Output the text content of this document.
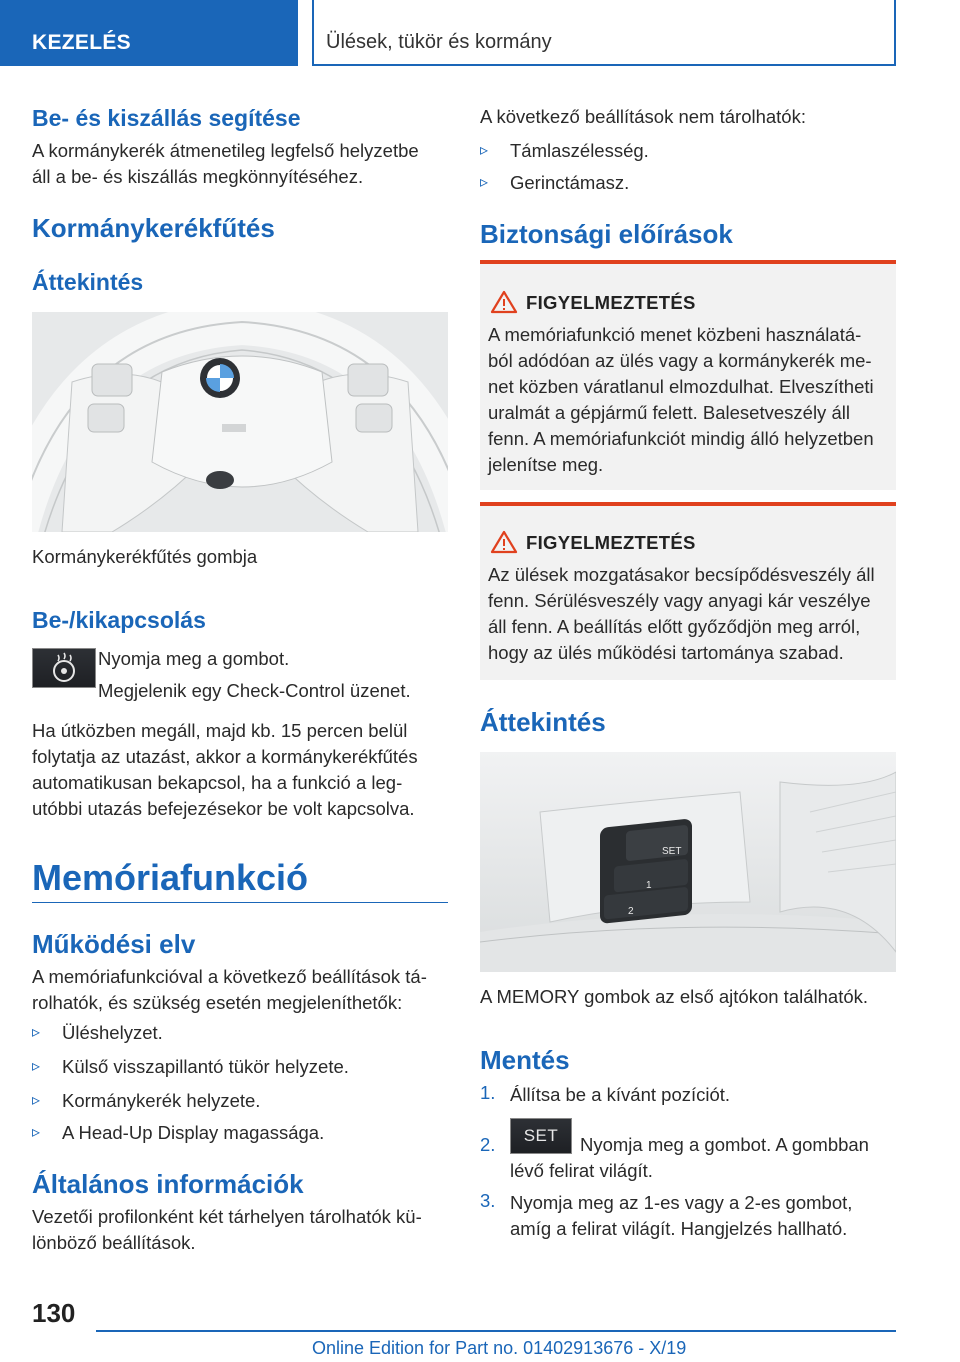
KEZELÉS	Ülések, tükör és kormány
Be- és kiszállás segítése
A kormánykerék átmenetileg legfelső helyzetbe
áll a be- és kiszállás megkönnyítéséhez.
Kormánykerékfűtés
Áttekintés
Kormánykerékfűtés gombja
Be-/kikapcsolás
Nyomja meg a gombot.
Megjelenik egy Check-Control üzenet.
Ha útközben megáll, majd kb. 15 percen belül
folytatja az utazást, akkor a kormánykerékfűtés
automatikusan bekapcsol, ha a funkció a leg-
utóbbi utazás befejezésekor be volt kapcsolva.
Memóriafunkció
Működési elv
A memóriafunkcióval a következő beállítások tá-
rolhatók, és szükség esetén megjeleníthetők:
▹ Üléshelyzet.
▹ Külső visszapillantó tükör helyzete.
▹ Kormánykerék helyzete.
▹ A Head-Up Display magassága.
Általános információk
Vezetői profilonként két tárhelyen tárolhatók kü-
lönböző beállítások.
A következő beállítások nem tárolhatók:
▹ Támlaszélesség.
▹ Gerinctámasz.
Biztonsági előírások
FIGYELMEZTETÉS
A memóriafunkció menet közbeni használatá-
ból adódóan az ülés vagy a kormánykerék me-
net közben váratlanul elmozdulhat. Elveszítheti
uralmát a gépjármű felett. Balesetveszély áll
fenn. A memóriafunkciót mindig álló helyzetben
jelenítse meg.
FIGYELMEZTETÉS
Az ülések mozgatásakor becsípődésveszély áll
fenn. Sérülésveszély vagy anyagi kár veszélye
áll fenn. A beállítás előtt győződjön meg arról,
hogy az ülés működési tartománya szabad.
Áttekintés
SET
1
2
A MEMORY gombok az első ajtókon találhatók.
Mentés
1. Állítsa be a kívánt pozíciót.
2. SET Nyomja meg a gombot. A gombban
lévő felirat világít.
3. Nyomja meg az 1-es vagy a 2-es gombot,
amíg a felirat világít. Hangjelzés hallható.
130
Online Edition for Part no. 01402913676 - X/19
